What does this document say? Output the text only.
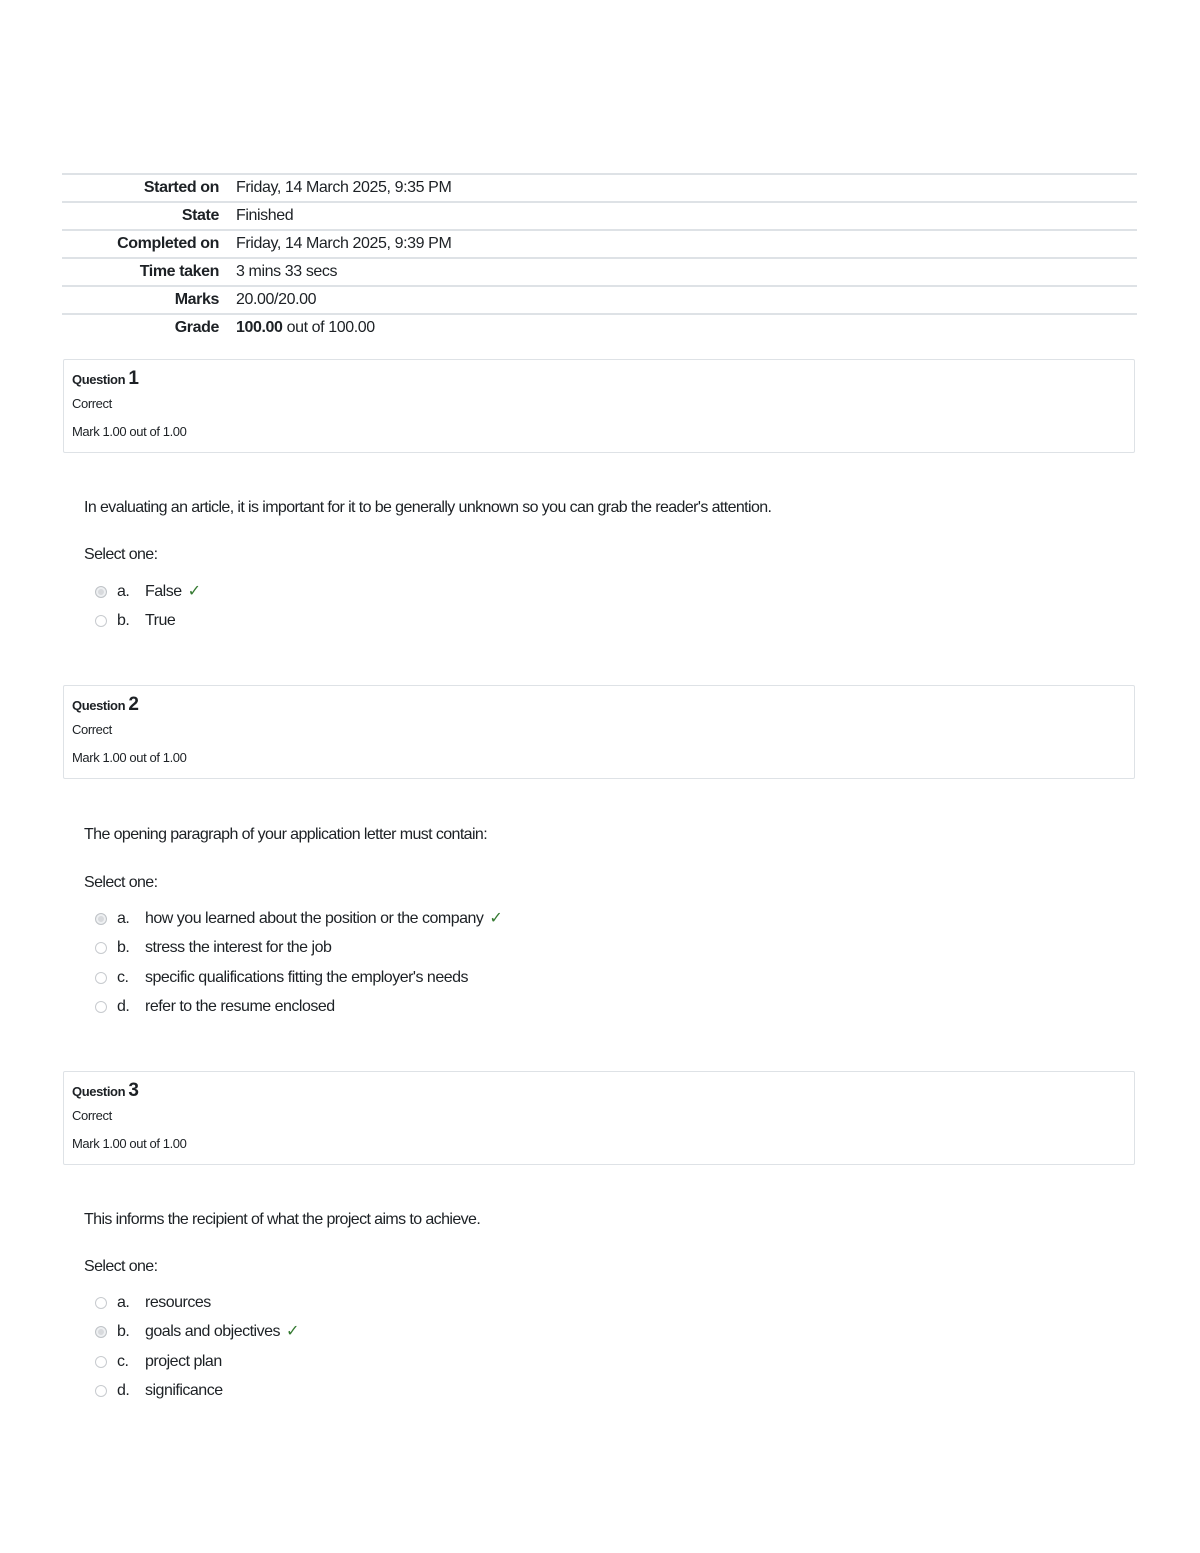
Started on	Friday, 14 March 2025, 9:35 PM
State	Finished
Completed on	Friday, 14 March 2025, 9:39 PM
Time taken	3 mins 33 secs
Marks	20.00/20.00
Grade	100.00 out of 100.00
Question 1
Correct
Mark 1.00 out of 1.00
In evaluating an article, it is important for it to be generally unknown so you can grab the reader's attention.
Select one:
a. False ✓
b. True
Question 2
Correct
Mark 1.00 out of 1.00
The opening paragraph of your application letter must contain:
Select one:
a. how you learned about the position or the company ✓
b. stress the interest for the job
c.	specific qualifications fitting the employer's needs
d. refer to the resume enclosed
Question 3
Correct
Mark 1.00 out of 1.00
This informs the recipient of what the project aims to achieve.
Select one:
a. resources
b. goals and objectives ✓
c.	project plan
d. significance
